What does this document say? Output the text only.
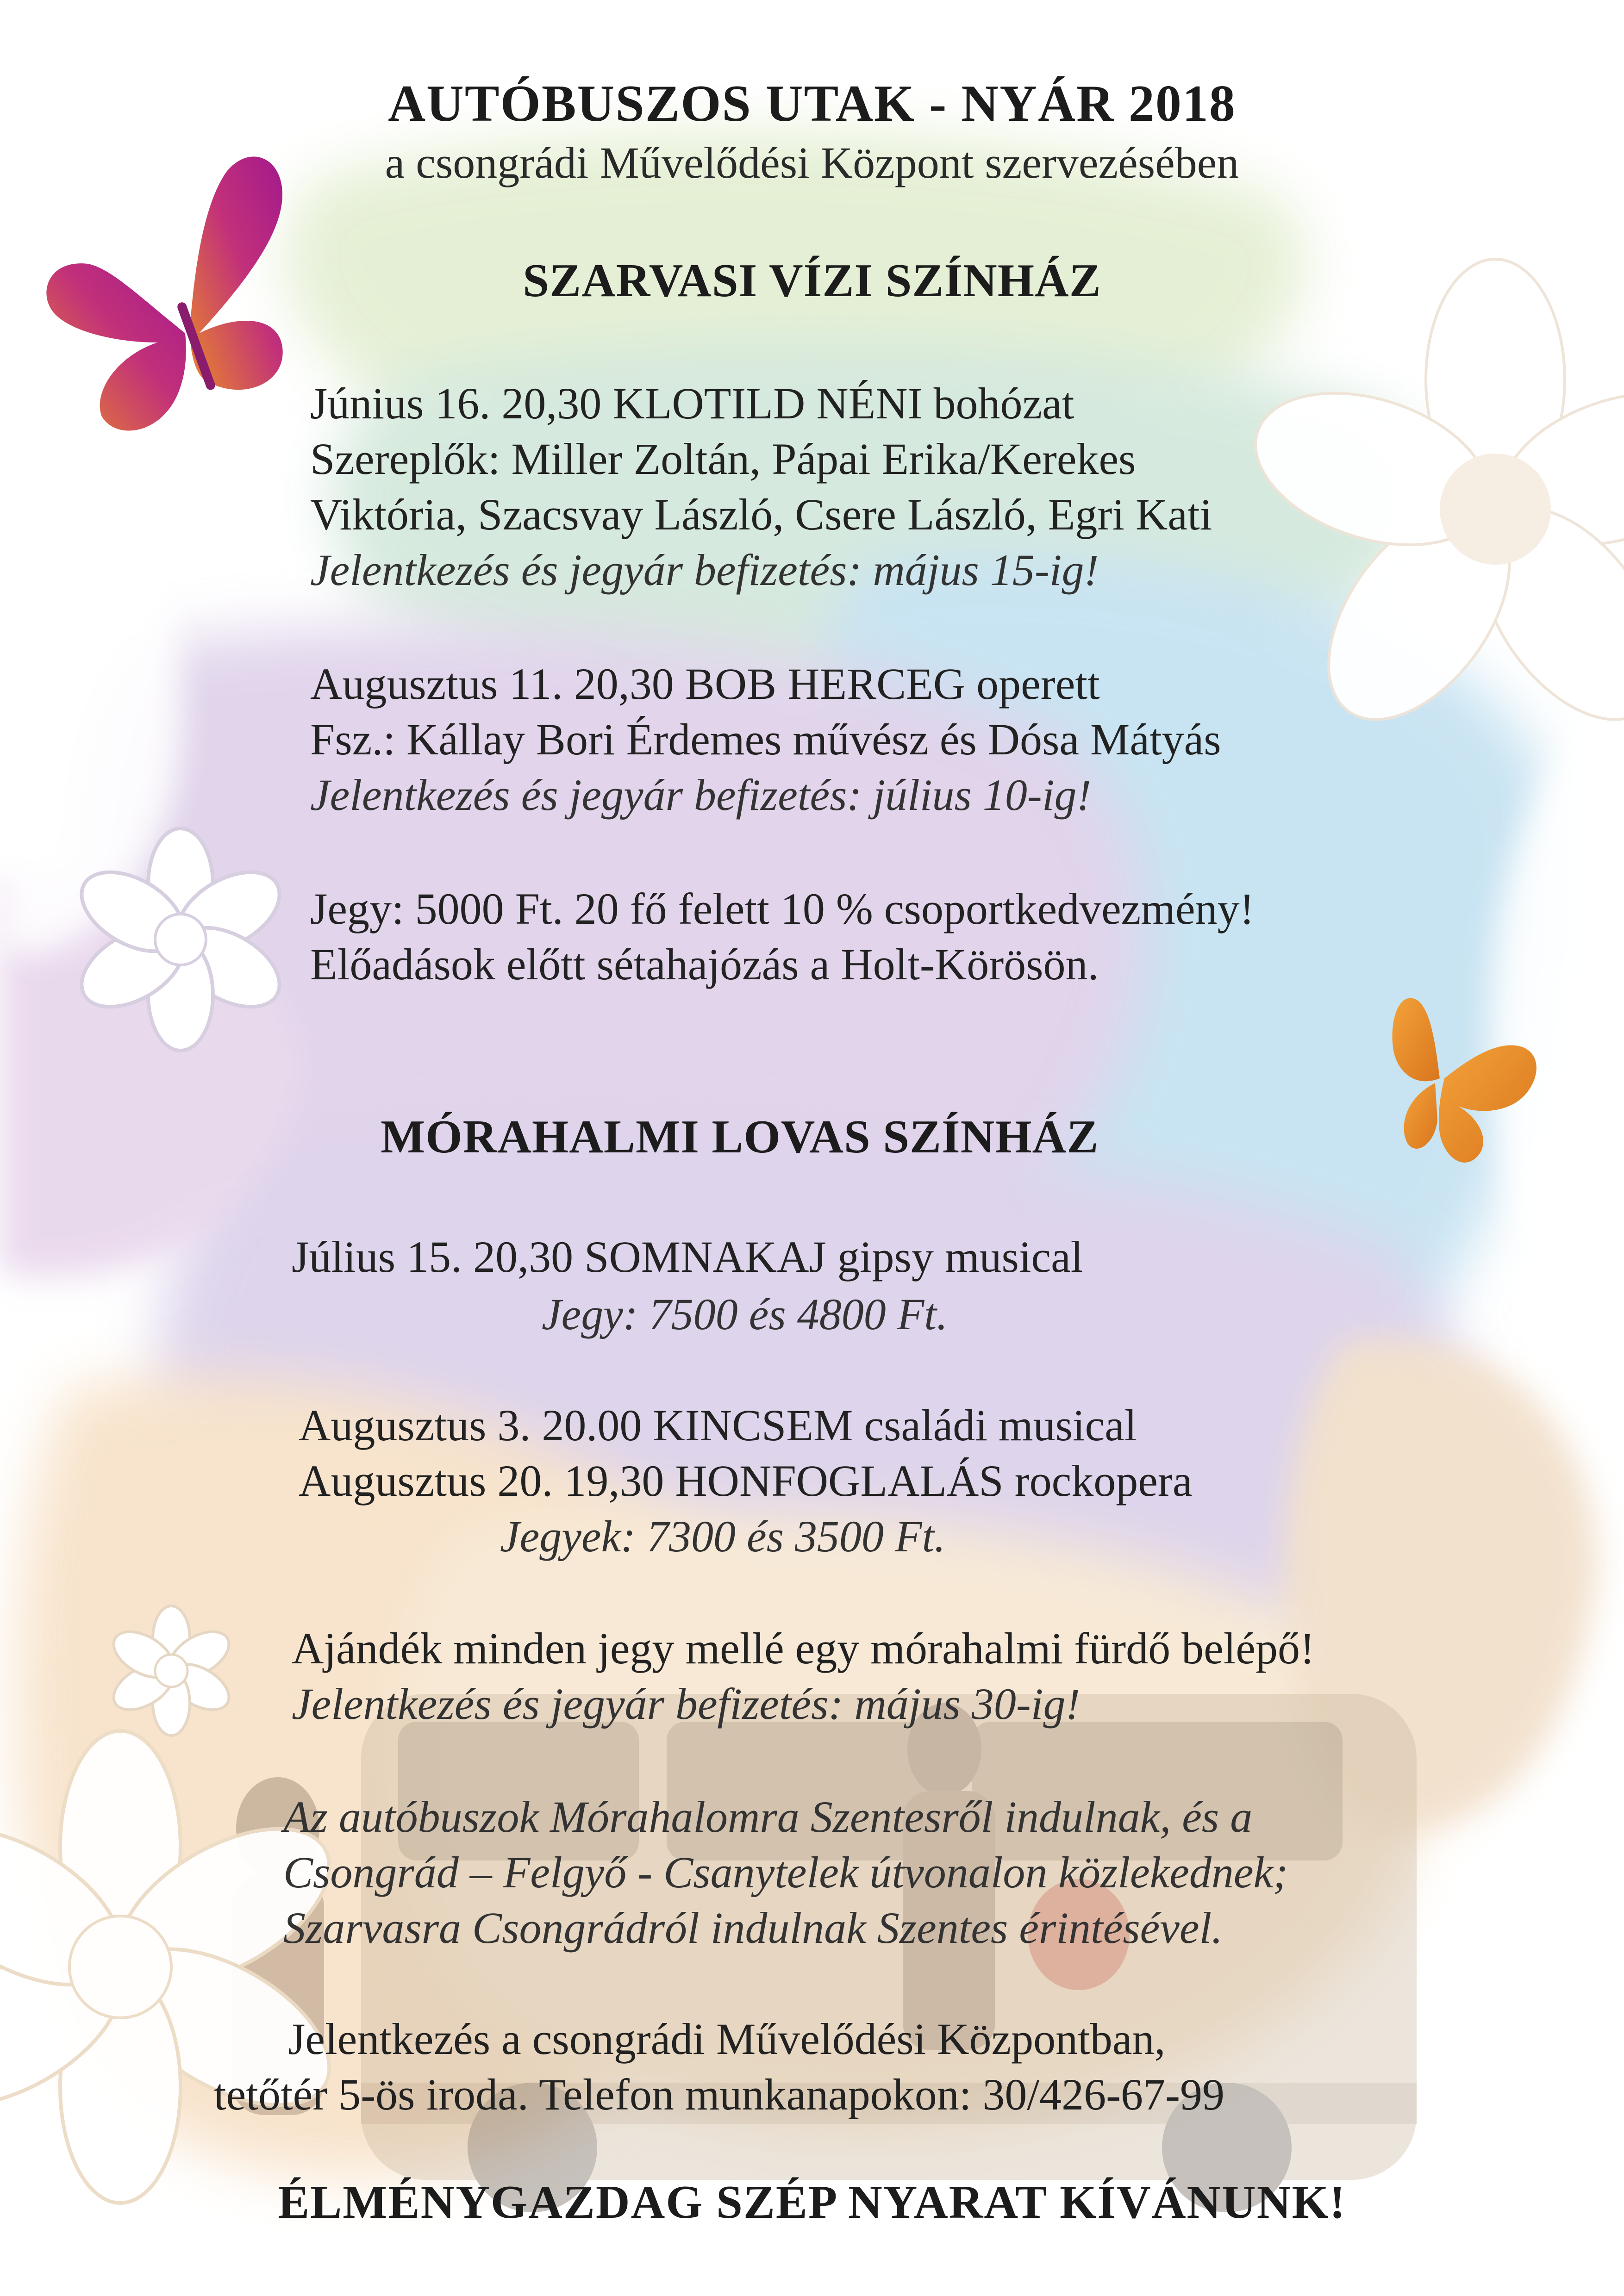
AUTÓBUSZOS UTAK - NYÁR 2018
a csongrádi Művelődési Központ szervezésében
SZARVASI VÍZI SZÍNHÁZ
Június 16. 20,30 KLOTILD NÉNI bohózat
Szereplők: Miller Zoltán, Pápai Erika/Kerekes
Viktória, Szacsvay László, Csere László, Egri Kati
Jelentkezés és jegyár befizetés: május 15-ig!
Augusztus 11. 20,30 BOB HERCEG operett
Fsz.: Kállay Bori Érdemes művész és Dósa Mátyás
Jelentkezés és jegyár befizetés: július 10-ig!
Jegy: 5000 Ft. 20 fő felett 10 % csoportkedvezmény!
Előadások előtt sétahajózás a Holt-Körösön.
MÓRAHALMI LOVAS SZÍNHÁZ
Július 15. 20,30 SOMNAKAJ gipsy musical
Jegy: 7500 és 4800 Ft.
Augusztus 3. 20.00 KINCSEM családi musical
Augusztus 20. 19,30 HONFOGLALÁS rockopera
Jegyek: 7300 és 3500 Ft.
Ajándék minden jegy mellé egy mórahalmi fürdő belépő!
Jelentkezés és jegyár befizetés: május 30-ig!
Az autóbuszok Mórahalomra Szentesről indulnak, és a
Csongrád – Felgyő - Csanytelek útvonalon közlekednek;
Szarvasra Csongrádról indulnak Szentes érintésével.
Jelentkezés a csongrádi Művelődési Központban,
tetőtér 5-ös iroda. Telefon munkanapokon: 30/426-67-99
ÉLMÉNYGAZDAG SZÉP NYARAT KÍVÁNUNK!
